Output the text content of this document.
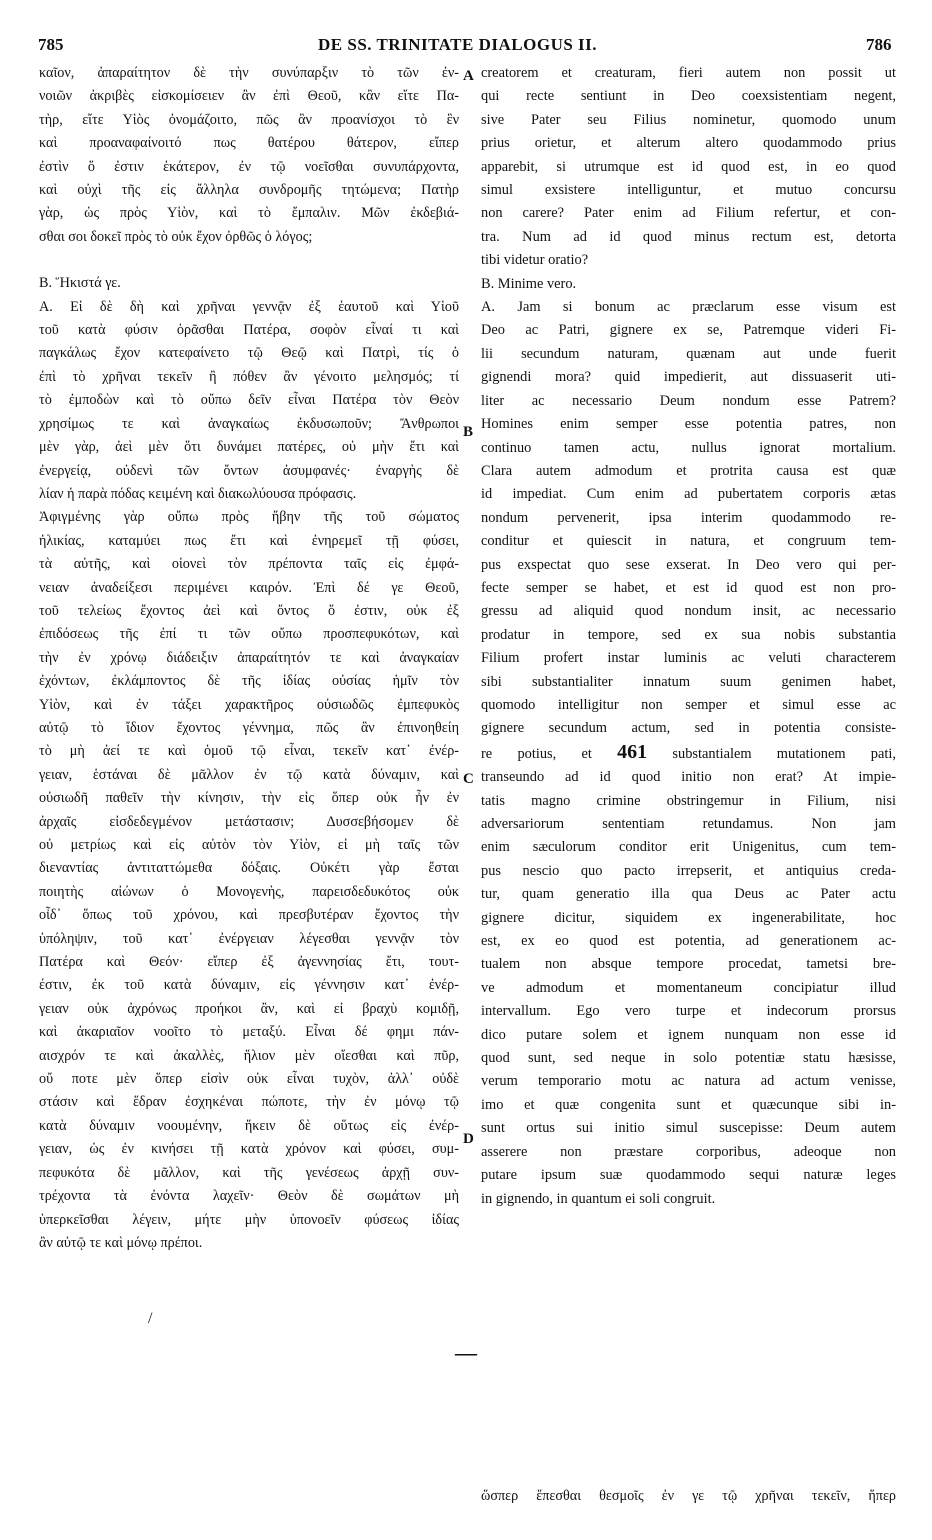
785	DE SS. TRINITATE DIALOGUS II.	786

καῖον, ἀπαραίτητον δὲ τὴν συνύπαρξιν τὸ τῶν ἐν-

νοιῶν ἀκριβὲς εἰσκομίσειεν ἂν ἐπὶ Θεοῦ, κἂν εἴτε Πα-

τὴρ, εἴτε Υἱὸς ὀνομάζοιτο, πῶς ἂν προανίσχοι τὸ ἓν

καὶ προαναφαίνοιτό πως θατέρου θάτερον, εἴπερ

ἐστὶν ὅ ἐστιν ἑκάτερον, ἐν τῷ νοεῖσθαι συνυπάρχοντα,

καὶ οὐχὶ τῆς εἰς ἄλληλα συνδρομῆς τητώμενα; Πατὴρ

γὰρ, ὡς πρὸς Υἱὸν, καὶ τὸ ἔμπαλιν. Μῶν ἐκδεβιά-

σθαι σοι δοκεῖ πρὸς τὸ οὐκ ἔχον ὀρθῶς ὁ λόγος;

Β. Ἥκιστά γε.

Α. Εἰ δὲ δὴ καὶ χρῆναι γεννᾷν ἐξ ἑαυτοῦ καὶ Υἱοῦ

τοῦ κατὰ φύσιν ὁρᾶσθαι Πατέρα, σοφὸν εἶναί τι καὶ

παγκάλως ἔχον κατεφαίνετο τῷ Θεῷ καὶ Πατρὶ, τίς ὁ

ἐπὶ τὸ χρῆναι τεκεῖν ἢ πόθεν ἂν γένοιτο μελησμός; τί

τὸ ἐμποδὼν καὶ τὸ οὔπω δεῖν εἶναι Πατέρα τὸν Θεὸν

χρησίμως τε καὶ ἀναγκαίως ἐκδυσωποῦν; Ἄνθρωποι

μὲν γὰρ, ἀεὶ μὲν ὅτι δυνάμει πατέρες, οὐ μὴν ἔτι καὶ

ἐνεργείᾳ, οὐδενὶ τῶν ὄντων ἀσυμφανές· ἐναργὴς δὲ

λίαν ἡ παρὰ πόδας κειμένη καὶ διακωλύουσα πρόφασις.

Ἀφιγμένης γὰρ οὔπω πρὸς ἥβην τῆς τοῦ σώματος

ἡλικίας, καταμύει πως ἔτι καὶ ἐνηρεμεῖ τῇ φύσει,

τὰ αὐτῆς, καὶ οἱονεὶ τὸν πρέποντα ταῖς εἰς ἐμφά-

νειαν ἀναδείξεσι περιμένει καιρόν. Ἐπὶ δέ γε Θεοῦ,

τοῦ τελείως ἔχοντος ἀεὶ καὶ ὄντος ὅ ἐστιν, οὐκ ἐξ

ἐπιδόσεως τῆς ἐπί τι τῶν οὔπω προσπεφυκότων, καὶ

τὴν ἐν χρόνῳ διάδειξιν ἀπαραίτητόν τε καὶ ἀναγκαίαν

ἐχόντων, ἐκλάμποντος δὲ τῆς ἰδίας οὐσίας ἡμῖν τὸν

Υἱὸν, καὶ ἐν τάξει χαρακτῆρος οὐσιωδῶς ἐμπεφυκὸς

αὐτῷ τὸ ἴδιον ἔχοντος γέννημα, πῶς ἂν ἐπινοηθείη

τὸ μὴ ἀεί τε καὶ ὁμοῦ τῷ εἶναι, τεκεῖν κατ᾽ ἐνέρ-

γειαν, ἑστάναι δὲ μᾶλλον ἐν τῷ κατὰ δύναμιν, καὶ

οὐσιωδῆ παθεῖν τὴν κίνησιν, τὴν εἰς ὅπερ οὐκ ἦν ἐν

ἀρχαῖς εἰσδεδεγμένον μετάστασιν; Δυσσεβήσομεν δὲ

οὐ μετρίως καὶ εἰς αὐτὸν τὸν Υἱὸν, εἰ μὴ ταῖς τῶν

διεναντίας ἀντιταττώμεθα δόξαις. Οὐκέτι γὰρ ἔσται

ποιητὴς αἰώνων ὁ Μονογενὴς, παρεισδεδυκότος οὐκ

οἶδ᾽ ὅπως τοῦ χρόνου, καὶ πρεσβυτέραν ἔχοντος τὴν

ὑπόληψιν, τοῦ κατ᾽ ἐνέργειαν λέγεσθαι γεννᾷν τὸν

Πατέρα καὶ Θεόν· εἴπερ ἐξ ἀγεννησίας ἔτι, τουτ-

έστιν, ἐκ τοῦ κατὰ δύναμιν, εἰς γέννησιν κατ᾽ ἐνέρ-

γειαν οὐκ ἀχρόνως προήκοι ἂν, καὶ εἰ βραχὺ κομιδῇ,

καὶ ἀκαριαῖον νοοῖτο τὸ μεταξύ. Εἶναι δέ φημι πάν-

αισχρόν τε καὶ ἀκαλλὲς, ἥλιον μὲν οἴεσθαι καὶ πῦρ,

οὔ ποτε μὲν ὅπερ εἰσὶν οὐκ εἶναι τυχὸν, ἀλλ᾽ οὐδὲ

στάσιν καὶ ἕδραν ἐσχηκέναι πώποτε, τὴν ἐν μόνῳ τῷ

κατὰ δύναμιν νοουμένην, ἥκειν δὲ οὕτως εἰς ἐνέρ-

γειαν, ὡς ἐν κινήσει τῇ κατὰ χρόνον καὶ φύσει, συμ-

πεφυκότα δὲ μᾶλλον, καὶ τῆς γενέσεως ἀρχῇ συν-

τρέχοντα τὰ ἐνόντα λαχεῖν· Θεὸν δὲ σωμάτων μὴ

ὑπερκεῖσθαι λέγειν, μήτε μὴν ὑπονοεῖν φύσεως ἰδίας

ἂν αὐτῷ τε καὶ μόνῳ πρέποι.

creatorem et creaturam, fieri autem non possit ut

qui recte sentiunt in Deo coexsistentiam negent,

sive Pater seu Filius nominetur, quomodo unum

prius orietur, et alterum altero quodammodo prius

apparebit, si utrumque est id quod est, in eo quod

simul exsistere intelliguntur, et mutuo concursu

non carere? Pater enim ad Filium refertur, et con-

tra. Num ad id quod minus rectum est, detorta

tibi videtur oratio?

B. Minime vero.

A. Jam si bonum ac præclarum esse visum est

Deo ac Patri, gignere ex se, Patremque videri Fi-

lii secundum naturam, quænam aut unde fuerit

gignendi mora? quid impedierit, aut dissuaserit uti-

liter ac necessario Deum nondum esse Patrem?

Homines enim semper esse potentia patres, non

continuo tamen actu, nullus ignorat mortalium.

Clara autem admodum et protrita causa est quæ

id impediat. Cum enim ad pubertatem corporis ætas

nondum pervenerit, ipsa interim quodammodo re-

conditur et quiescit in natura, et congruum tem-

pus exspectat quo sese exserat. In Deo vero qui per-

fecte semper se habet, et est id quod est non pro-

gressu ad aliquid quod nondum insit, ac necessario

prodatur in tempore, sed ex sua nobis substantia

Filium profert instar luminis ac veluti characterem

sibi substantialiter innatum suum genimen habet,

quomodo intelligitur non semper et simul esse ac

gignere secundum actum, sed in potentia consiste-

re potius, et 461 substantialem mutationem pati,

transeundo ad id quod initio non erat? At impie-

tatis magno crimine obstringemur in Filium, nisi

adversariorum sententiam retundamus. Non jam

enim sæculorum conditor erit Unigenitus, cum tem-

pus nescio quo pacto irrepserit, et antiquius creda-

tur, quam generatio illa qua Deus ac Pater actu

gignere dicitur, siquidem ex ingenerabilitate, hoc

est, ex eo quod est potentia, ad generationem ac-

tualem non absque tempore procedat, tametsi bre-

ve admodum et momentaneum concipiatur illud

intervallum. Ego vero turpe et indecorum prorsus

dico putare solem et ignem nunquam non esse id

quod sunt, sed neque in solo potentiæ statu hæsisse,

verum temporario motu ac natura ad actum venisse,

imo et quæ congenita sunt et quæcunque sibi in-

sunt ortus sui initio simul suscepisse: Deum autem

asserere non præstare corporibus, adeoque non

putare ipsum suæ quodammodo sequi naturæ leges

in gignendo, in quantum ei soli congruit.

A
B
C
D
ὥσπερ ἕπεσθαι θεσμοῖς ἐν γε τῷ χρῆναι τεκεῖν, ἥπερ
/
—
